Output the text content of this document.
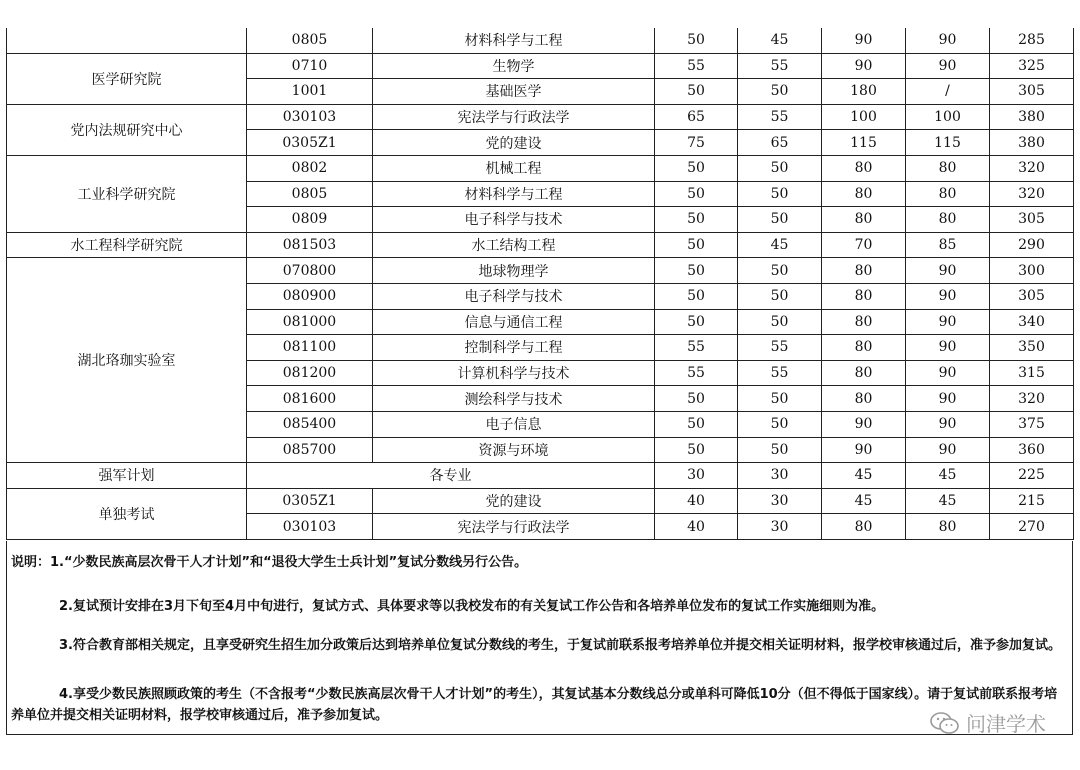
	0805	材料科学与工程	50	45	90	90	285
医学研究院	0710	生物学	55	55	90	90	325
	1001	基础医学	50	50	180	/	305
党内法规研究中心	030103	宪法学与行政法学	65	55	100	100	380
	0305Z1	党的建设	75	65	115	115	380
工业科学研究院	0802	机械工程	50	50	80	80	320
	0805	材料科学与工程	50	50	80	80	320
	0809	电子科学与技术	50	50	80	80	305
水工程科学研究院	081503	水工结构工程	50	45	70	85	290
湖北珞珈实验室	070800	地球物理学	50	50	80	90	300
	080900	电子科学与技术	50	50	80	90	305
	081000	信息与通信工程	50	50	80	90	340
	081100	控制科学与工程	55	55	80	90	350
	081200	计算机科学与技术	55	55	80	90	315
	081600	测绘科学与技术	50	50	80	90	320
	085400	电子信息	50	50	90	90	375
	085700	资源与环境	50	50	90	90	360
强军计划	各专业		30	30	45	45	225
单独考试	0305Z1	党的建设	40	30	45	45	215
	030103	宪法学与行政法学	40	30	80	80	270

说明：1.“少数民族高层次骨干人才计划”和“退役大学生士兵计划”复试分数线另行公告。

2.复试预计安排在3月下旬至4月中旬进行，复试方式、具体要求等以我校发布的有关复试工作公告和各培养单位发布的复试工作实施细则为准。

3.符合教育部相关规定，且享受研究生招生加分政策后达到培养单位复试分数线的考生，于复试前联系报考培养单位并提交相关证明材料，报学校审核通过后，准予参加复试。

4.享受少数民族照顾政策的考生（不含报考“少数民族高层次骨干人才计划”的考生），其复试基本分数线总分或单科可降低10分（但不得低于国家线）。请于复试前联系报考培养单位并提交相关证明材料，报学校审核通过后，准予参加复试。	问津学术
